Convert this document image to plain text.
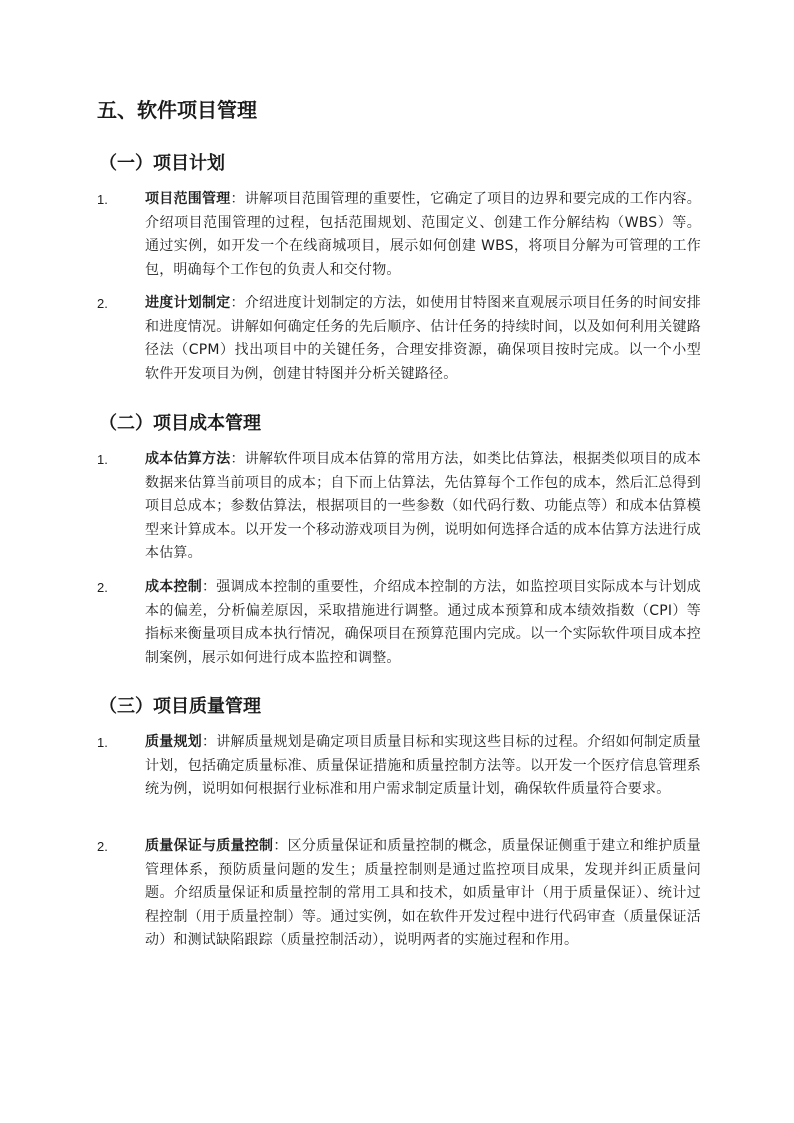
五、软件项目管理
（一）项目计划
1.	项目范围管理：讲解项目范围管理的重要性，它确定了项目的边界和要完成的工作内容。介绍项目范围管理的过程，包括范围规划、范围定义、创建工作分解结构（WBS）等。通过实例，如开发一个在线商城项目，展示如何创建 WBS，将项目分解为可管理的工作包，明确每个工作包的负责人和交付物。

2.	进度计划制定：介绍进度计划制定的方法，如使用甘特图来直观展示项目任务的时间安排和进度情况。讲解如何确定任务的先后顺序、估计任务的持续时间，以及如何利用关键路径法（CPM）找出项目中的关键任务，合理安排资源，确保项目按时完成。以一个小型软件开发项目为例，创建甘特图并分析关键路径。

（二）项目成本管理
1.	成本估算方法：讲解软件项目成本估算的常用方法，如类比估算法，根据类似项目的成本数据来估算当前项目的成本；自下而上估算法，先估算每个工作包的成本，然后汇总得到项目总成本；参数估算法，根据项目的一些参数（如代码行数、功能点等）和成本估算模型来计算成本。以开发一个移动游戏项目为例，说明如何选择合适的成本估算方法进行成本估算。

2.	成本控制：强调成本控制的重要性，介绍成本控制的方法，如监控项目实际成本与计划成本的偏差，分析偏差原因，采取措施进行调整。通过成本预算和成本绩效指数（CPI）等指标来衡量项目成本执行情况，确保项目在预算范围内完成。以一个实际软件项目成本控制案例，展示如何进行成本监控和调整。

（三）项目质量管理
1.	质量规划：讲解质量规划是确定项目质量目标和实现这些目标的过程。介绍如何制定质量计划，包括确定质量标准、质量保证措施和质量控制方法等。以开发一个医疗信息管理系统为例，说明如何根据行业标准和用户需求制定质量计划，确保软件质量符合要求。

2.	质量保证与质量控制：区分质量保证和质量控制的概念，质量保证侧重于建立和维护质量管理体系，预防质量问题的发生；质量控制则是通过监控项目成果，发现并纠正质量问题。介绍质量保证和质量控制的常用工具和技术，如质量审计（用于质量保证）、统计过程控制（用于质量控制）等。通过实例，如在软件开发过程中进行代码审查（质量保证活动）和测试缺陷跟踪（质量控制活动），说明两者的实施过程和作用。
